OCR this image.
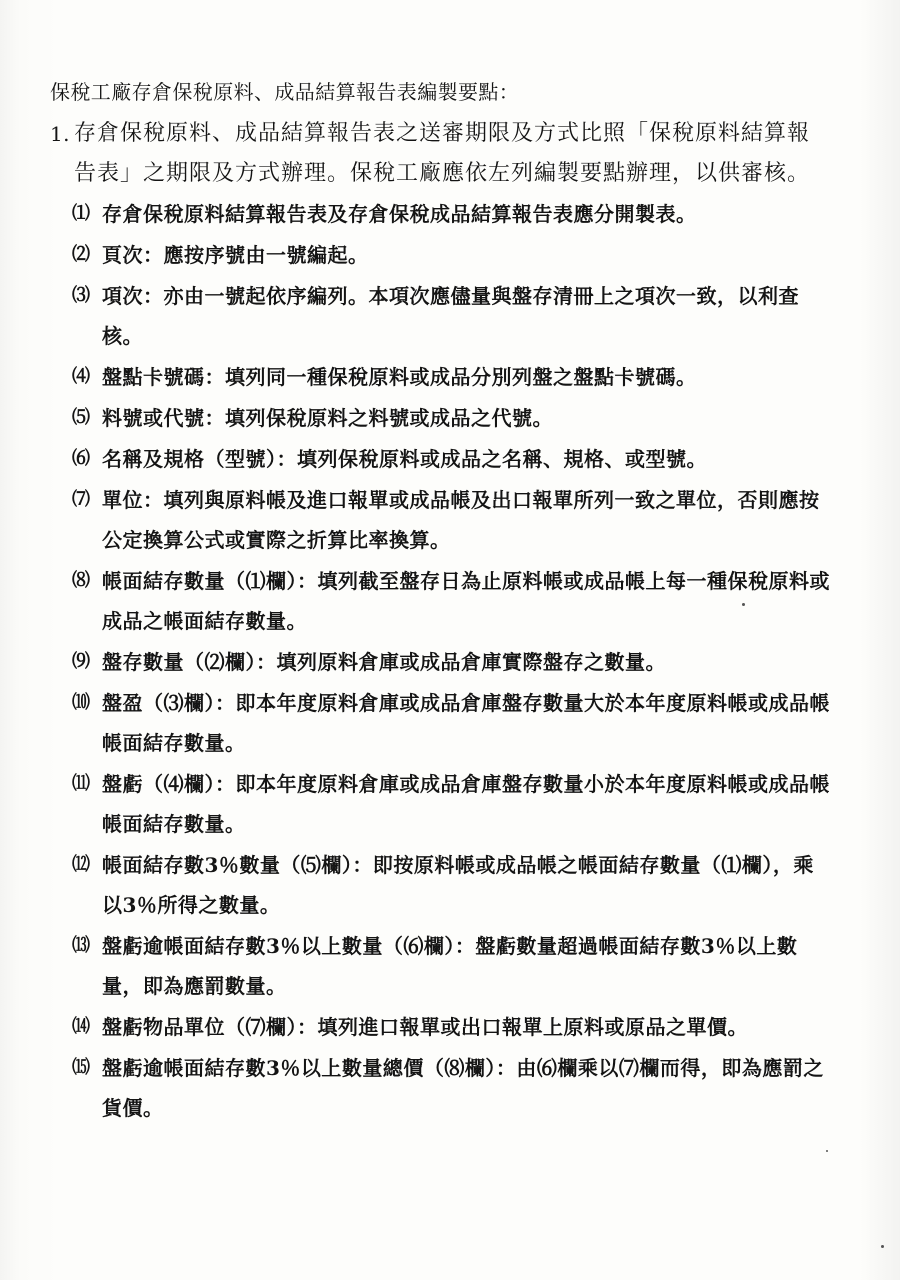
保稅工廠存倉保稅原料、成品結算報告表編製要點：
1. 存倉保稅原料、成品結算報告表之送審期限及方式比照「保稅原料結算報告表」之期限及方式辦理。保稅工廠應依左列編製要點辦理，以供審核。
⑴ 存倉保稅原料結算報告表及存倉保稅成品結算報告表應分開製表。
⑵ 頁次：應按序號由一號編起。
⑶ 項次：亦由一號起依序編列。本項次應儘量與盤存清冊上之項次一致，以利查核。
⑷ 盤點卡號碼：填列同一種保稅原料或成品分別列盤之盤點卡號碼。
⑸ 料號或代號：填列保稅原料之料號或成品之代號。
⑹ 名稱及規格（型號）：填列保稅原料或成品之名稱、規格、或型號。
⑺ 單位：填列與原料帳及進口報單或成品帳及出口報單所列一致之單位，否則應按公定換算公式或實際之折算比率換算。
⑻ 帳面結存數量（⑴欄）：填列截至盤存日為止原料帳或成品帳上每一種保稅原料或成品之帳面結存數量。
⑼ 盤存數量（⑵欄）：填列原料倉庫或成品倉庫實際盤存之數量。
⑽ 盤盈（⑶欄）：即本年度原料倉庫或成品倉庫盤存數量大於本年度原料帳或成品帳帳面結存數量。
⑾ 盤虧（⑷欄）：即本年度原料倉庫或成品倉庫盤存數量小於本年度原料帳或成品帳帳面結存數量。
⑿ 帳面結存數3％數量（⑸欄）：即按原料帳或成品帳之帳面結存數量（⑴欄），乘以3％所得之數量。
⒀ 盤虧逾帳面結存數3％以上數量（⑹欄）：盤虧數量超過帳面結存數3％以上數量，即為應罰數量。
⒁ 盤虧物品單位（⑺欄）：填列進口報單或出口報單上原料或原品之單價。
⒂ 盤虧逾帳面結存數3％以上數量總價（⑻欄）：由⑹欄乘以⑺欄而得，即為應罰之貨價。
